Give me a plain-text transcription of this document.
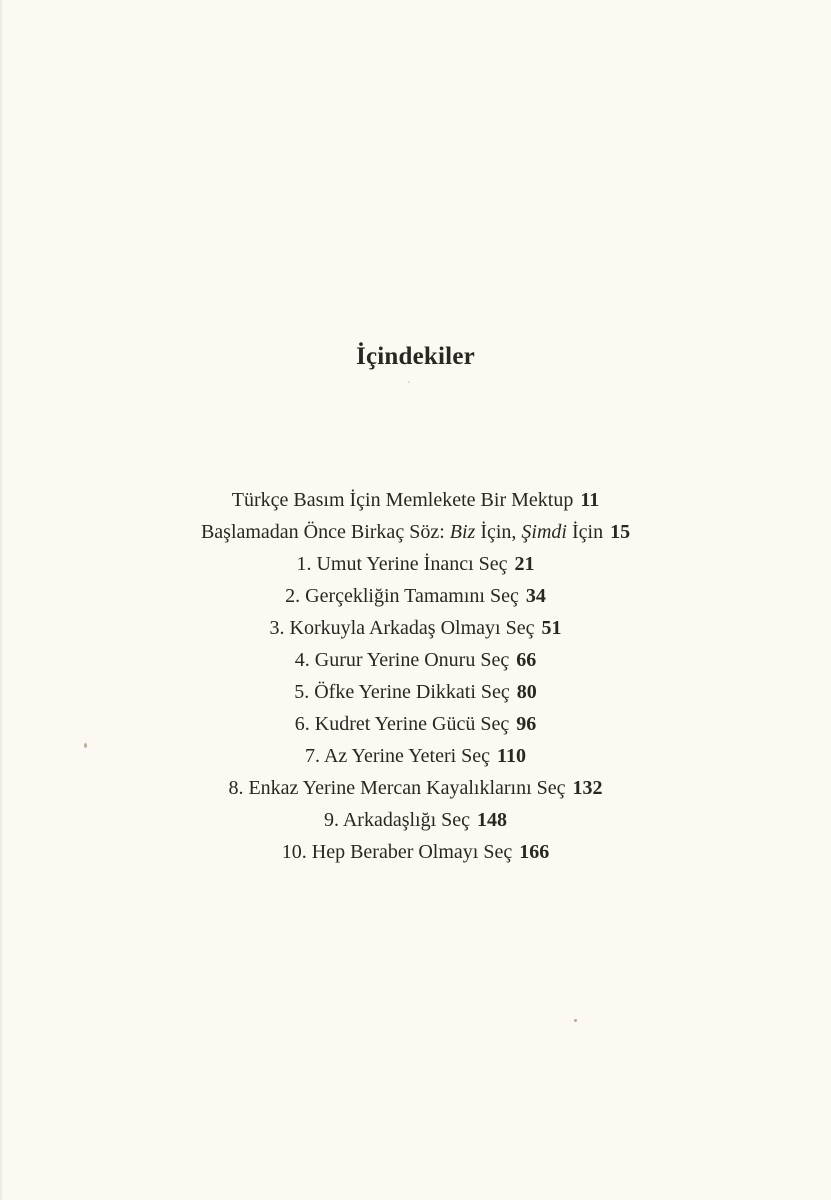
İçindekiler
Türkçe Basım İçin Memlekete Bir Mektup 11
Başlamadan Önce Birkaç Söz: Biz İçin, Şimdi İçin 15
1. Umut Yerine İnancı Seç 21
2. Gerçekliğin Tamamını Seç 34
3. Korkuyla Arkadaş Olmayı Seç 51
4. Gurur Yerine Onuru Seç 66
5. Öfke Yerine Dikkati Seç 80
6. Kudret Yerine Gücü Seç 96
7. Az Yerine Yeteri Seç 110
8. Enkaz Yerine Mercan Kayalıklarını Seç 132
9. Arkadaşlığı Seç 148
10. Hep Beraber Olmayı Seç 166
